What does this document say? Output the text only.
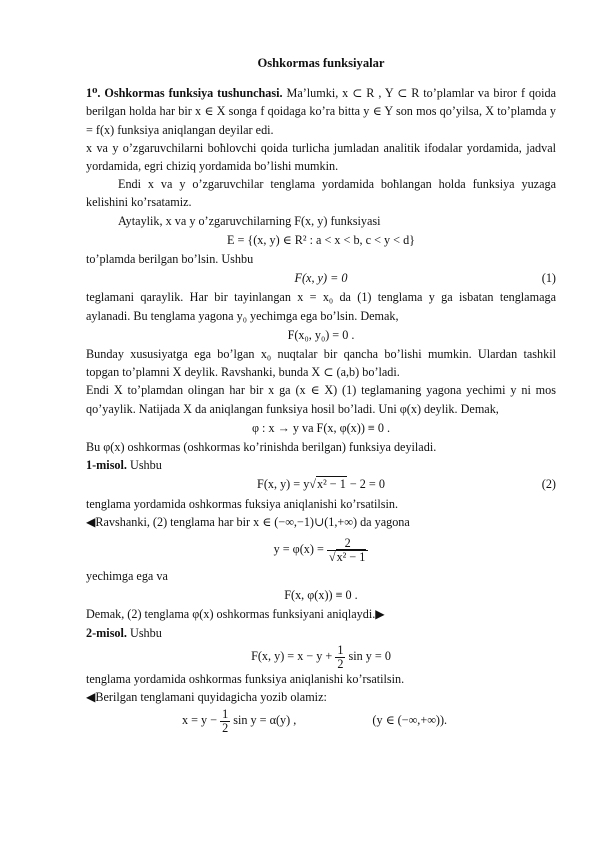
Oshkormas funksiyalar

1⁰. Oshkormas funksiya tushunchasi. Ma’lumki, x ⊂ R , Y ⊂ R to’plamlar va biror f qoida berilgan holda har bir x ∈ X songa f qoidaga ko’ra bitta y ∈ Y son mos qo’yilsa, X to’plamda y = f(x) funksiya aniqlangan deyilar edi.

x va y o’zgaruvchilarni boħlovchi qoida turlicha jumladan analitik ifodalar yordamida, jadval yordamida, egri chiziq yordamida bo’lishi mumkin.

Endi x va y o’zgaruvchilar tenglama yordamida boħlangan holda funksiya yuzaga kelishini ko’rsatamiz.

Aytaylik, x va y o’zgaruvchilarning F(x, y) funksiyasi

E = {(x, y) ∈ R² : a < x < b, c < y < d}

to’plamda berilgan bo’lsin. Ushbu

F(x, y) = 0	(1)

teglamani qaraylik. Har bir tayinlangan x = x₀ da (1) tenglama y ga isbatan tenglamaga aylanadi. Bu tenglama yagona y₀ yechimga ega bo’lsin. Demak,

F(x₀, y₀) = 0 .

Bunday xususiyatga ega bo’lgan x₀ nuqtalar bir qancha bo’lishi mumkin. Ulardan tashkil topgan to’plamni X deylik. Ravshanki, bunda X ⊂ (a,b) bo’ladi.

Endi X to’plamdan olingan har bir x ga (x ∈ X) (1) teglamaning yagona yechimi y ni mos qo’yaylik. Natijada X da aniqlangan funksiya hosil bo’ladi. Uni φ(x) deylik. Demak,

φ : x → y va F(x, φ(x)) ≡ 0 .

Bu φ(x) oshkormas (oshkormas ko’rinishda berilgan) funksiya deyiladi.

1-misol. Ushbu

F(x, y) = y√x² − 1 − 2 = 0	(2)

tenglama yordamida oshkormas fuksiya aniqlanishi ko’rsatilsin.

◀Ravshanki, (2) tenglama har bir x ∈ (−∞,−1)∪(1,+∞) da yagona

$y = \varphi(x) = \frac{2}{\text{√x² − 1}}$

yechimga ega va

F(x, φ(x)) ≡ 0 .

Demak, (2) tenglama φ(x) oshkormas funksiyani aniqlaydi.▶

2-misol. Ushbu

F(x, $y) = x - y + \frac{1}{2}$ sin y = 0

tenglama yordamida oshkormas funksiya aniqlanishi ko’rsatilsin.

◀Berilgan tenglamani quyidagicha yozib olamiz:

$x = y - \frac{1}{2}$ sin y = α(y) ,	(y ∈ (−∞,+∞)).
